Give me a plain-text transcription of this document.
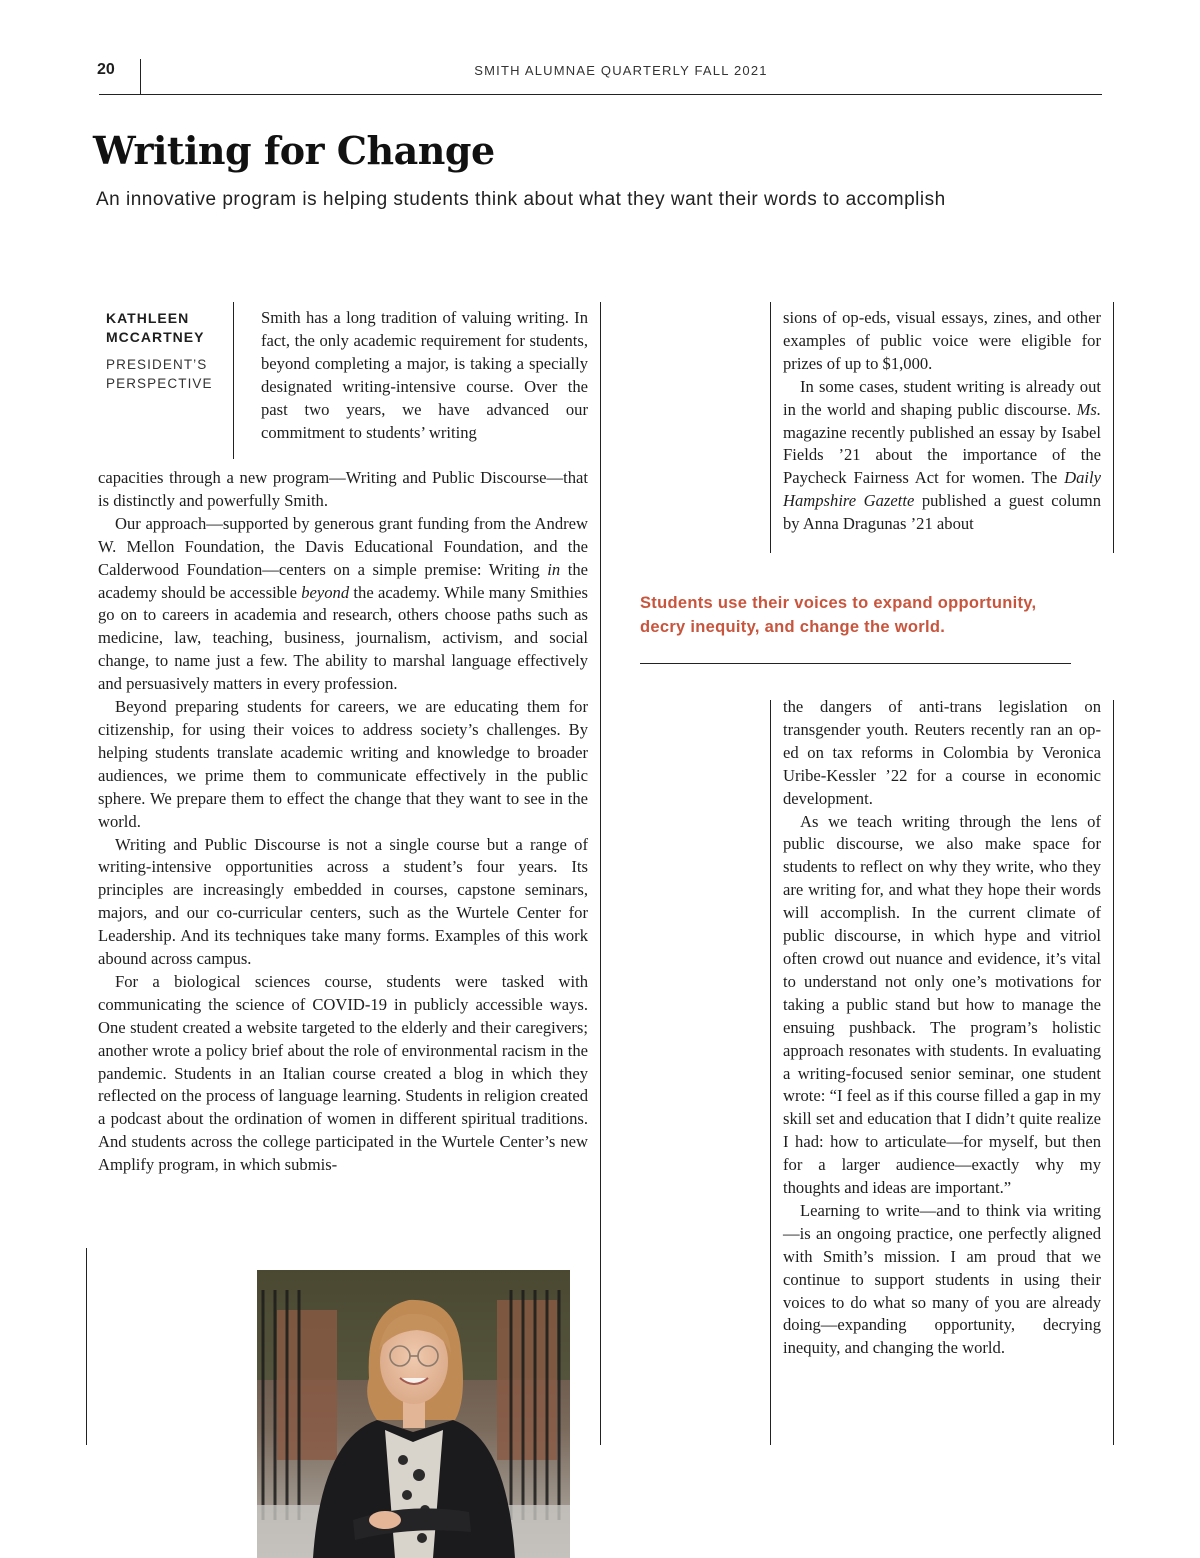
20	SMITH ALUMNAE QUARTERLY FALL 2021
Writing for Change

An innovative program is helping students think about what they want their words to accomplish

KATHLEEN
MCCARTNEY
PRESIDENT’S
PERSPECTIVE

Smith has a long tradition of valuing writing. In fact, the only academic requirement for students, beyond completing a major, is taking a specially designated writing-intensive course. Over the past two years, we have advanced our commitment to students’ writing

capacities through a new program—Writing and Public Discourse—that is distinctly and powerfully Smith.

Our approach—supported by generous grant funding from the Andrew W. Mellon Foundation, the Davis Educational Foundation, and the Calderwood Foundation—centers on a simple premise: Writing in the academy should be accessible beyond the academy. While many Smithies go on to careers in academia and research, others choose paths such as medicine, law, teaching, business, journalism, activism, and social change, to name just a few. The ability to marshal language effectively and persuasively matters in every profession.

Beyond preparing students for careers, we are educating them for citizenship, for using their voices to address society’s challenges. By helping students translate academic writing and knowledge to broader audiences, we prime them to communicate effectively in the public sphere. We prepare them to effect the change that they want to see in the world.

Writing and Public Discourse is not a single course but a range of writing-intensive opportunities across a student’s four years. Its principles are increasingly embedded in courses, capstone seminars, majors, and our co-curricular centers, such as the Wurtele Center for Leadership. And its techniques take many forms. Examples of this work abound across campus.

For a biological sciences course, students were tasked with communicating the science of COVID-19 in publicly accessible ways. One student created a website targeted to the elderly and their caregivers; another wrote a policy brief about the role of environmental racism in the pandemic. Students in an Italian course created a blog in which they reflected on the process of language learning. Students in religion created a podcast about the ordination of women in different spiritual traditions. And students across the college participated in the Wurtele Center’s new Amplify program, in which submis-

sions of op-eds, visual essays, zines, and other examples of public voice were eligible for prizes of up to $1,000.

In some cases, student writing is already out in the world and shaping public discourse. Ms. magazine recently published an essay by Isabel Fields ’21 about the importance of the Paycheck Fairness Act for women. The Daily Hampshire Gazette published a guest column by Anna Dragunas ’21 about

Students use their voices to expand opportunity, decry inequity, and change the world.

the dangers of anti-trans legislation on transgender youth. Reuters recently ran an op-ed on tax reforms in Colombia by Veronica Uribe-Kessler ’22 for a course in economic development.

As we teach writing through the lens of public discourse, we also make space for students to reflect on why they write, who they are writing for, and what they hope their words will accomplish. In the current climate of public discourse, in which hype and vitriol often crowd out nuance and evidence, it’s vital to understand not only one’s motivations for taking a public stand but how to manage the ensuing pushback. The program’s holistic approach resonates with students. In evaluating a writing-focused senior seminar, one student wrote: “I feel as if this course filled a gap in my skill set and education that I didn’t quite realize I had: how to articulate—for myself, but then for a larger audience—exactly why my thoughts and ideas are important.”

Learning to write—and to think via writing—is an ongoing practice, one perfectly aligned with Smith’s mission. I am proud that we continue to support students in using their voices to do what so many of you are already doing—expanding opportunity, decrying inequity, and changing the world.
